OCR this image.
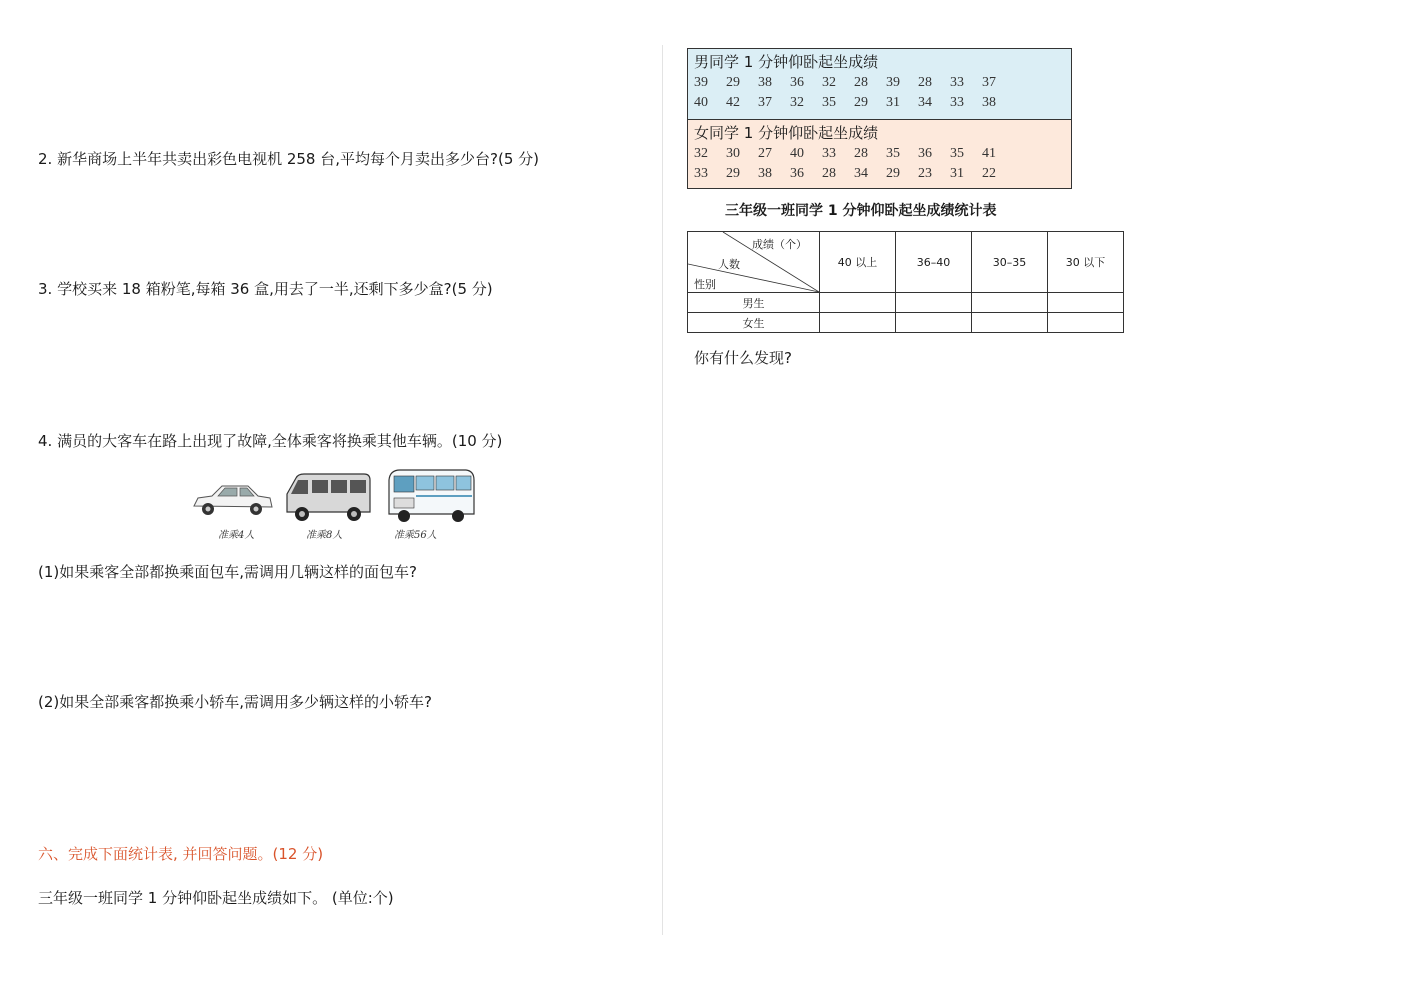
2. 新华商场上半年共卖出彩色电视机 258 台,平均每个月卖出多少台?(5 分)
3. 学校买来 18 箱粉笔,每箱 36 盒,用去了一半,还剩下多少盒?(5 分)
4. 满员的大客车在路上出现了故障,全体乘客将换乘其他车辆。(10 分)
准乘4人	准乘8人	准乘56人
(1)如果乘客全部都换乘面包车,需调用几辆这样的面包车?
(2)如果全部乘客都换乘小轿车,需调用多少辆这样的小轿车?
六、完成下面统计表, 并回答问题。(12 分)
三年级一班同学 1 分钟仰卧起坐成绩如下。 (单位:个)
男同学 1 分钟仰卧起坐成绩
39 29 38 36 32 28 39 28 33 37
40 42 37 32 35 29 31 34 33 38
女同学 1 分钟仰卧起坐成绩
32 30 27 40 33 28 35 36 35 41
33 29 38 36 28 34 29 23 31 22
三年级一班同学 1 分钟仰卧起坐成绩统计表
成绩（个）
人数
性别	40 以上	36–40	30–35	30 以下
男生				
女生				
你有什么发现?
